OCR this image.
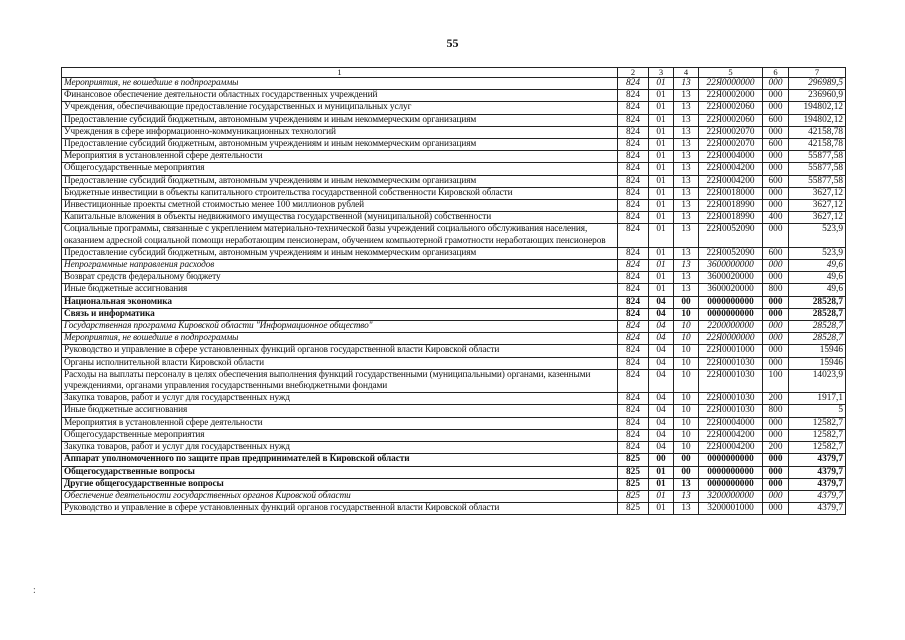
55
:
1	2	3	4	5	6	7
Мероприятия, не вошедшие в подпрограммы	824	01	13	22Я0000000	000	296989,5
Финансовое обеспечение деятельности областных государственных учреждений	824	01	13	22Я0002000	000	236960,9
Учреждения, обеспечивающие предоставление государственных и муниципальных услуг	824	01	13	22Я0002060	000	194802,12
Предоставление субсидий бюджетным, автономным учреждениям и иным некоммерческим организациям	824	01	13	22Я0002060	600	194802,12
Учреждения в сфере информационно-коммуникационных технологий	824	01	13	22Я0002070	000	42158,78
Предоставление субсидий бюджетным, автономным учреждениям и иным некоммерческим организациям	824	01	13	22Я0002070	600	42158,78
Мероприятия в установленной сфере деятельности	824	01	13	22Я0004000	000	55877,58
Общегосударственные мероприятия	824	01	13	22Я0004200	000	55877,58
Предоставление субсидий бюджетным, автономным учреждениям и иным некоммерческим организациям	824	01	13	22Я0004200	600	55877,58
Бюджетные инвестиции в объекты капитального строительства государственной собственности Кировской области	824	01	13	22Я0018000	000	3627,12
Инвестиционные проекты сметной стоимостью менее 100 миллионов рублей	824	01	13	22Я0018990	000	3627,12
Капитальные вложения в объекты недвижимого имущества государственной (муниципальной) собственности	824	01	13	22Я0018990	400	3627,12
Социальные программы, связанные с укреплением материально-технической базы учреждений социального обслуживания населения, оказанием адресной социальной помощи неработающим пенсионерам, обучением компьютерной грамотности неработающих пенсионеров	824	01	13	22Я0052090	000	523,9
Предоставление субсидий бюджетным, автономным учреждениям и иным некоммерческим организациям	824	01	13	22Я0052090	600	523,9
Непрограммные направления расходов	824	01	13	3600000000	000	49,6
Возврат средств федеральному бюджету	824	01	13	3600020000	000	49,6
Иные бюджетные ассигнования	824	01	13	3600020000	800	49,6
Национальная экономика	824	04	00	0000000000	000	28528,7
Связь и информатика	824	04	10	0000000000	000	28528,7
Государственная программа Кировской области "Информационное общество"	824	04	10	2200000000	000	28528,7
Мероприятия, не вошедшие в подпрограммы	824	04	10	22Я0000000	000	28528,7
Руководство и управление в сфере установленных функций органов государственной власти Кировской области	824	04	10	22Я0001000	000	15946
Органы исполнительной власти Кировской области	824	04	10	22Я0001030	000	15946
Расходы на выплаты персоналу в целях обеспечения выполнения функций государственными (муниципальными) органами, казенными учреждениями, органами управления государственными внебюджетными фондами	824	04	10	22Я0001030	100	14023,9
Закупка товаров, работ и услуг для государственных нужд	824	04	10	22Я0001030	200	1917,1
Иные бюджетные ассигнования	824	04	10	22Я0001030	800	5
Мероприятия в установленной сфере деятельности	824	04	10	22Я0004000	000	12582,7
Общегосударственные мероприятия	824	04	10	22Я0004200	000	12582,7
Закупка товаров, работ и услуг для государственных нужд	824	04	10	22Я0004200	200	12582,7
Аппарат уполномоченного по защите прав предпринимателей в Кировской области	825	00	00	0000000000	000	4379,7
Общегосударственные вопросы	825	01	00	0000000000	000	4379,7
Другие общегосударственные вопросы	825	01	13	0000000000	000	4379,7
Обеспечение деятельности государственных органов Кировской области	825	01	13	3200000000	000	4379,7
Руководство и управление в сфере установленных функций органов государственной власти Кировской области	825	01	13	3200001000	000	4379,7
